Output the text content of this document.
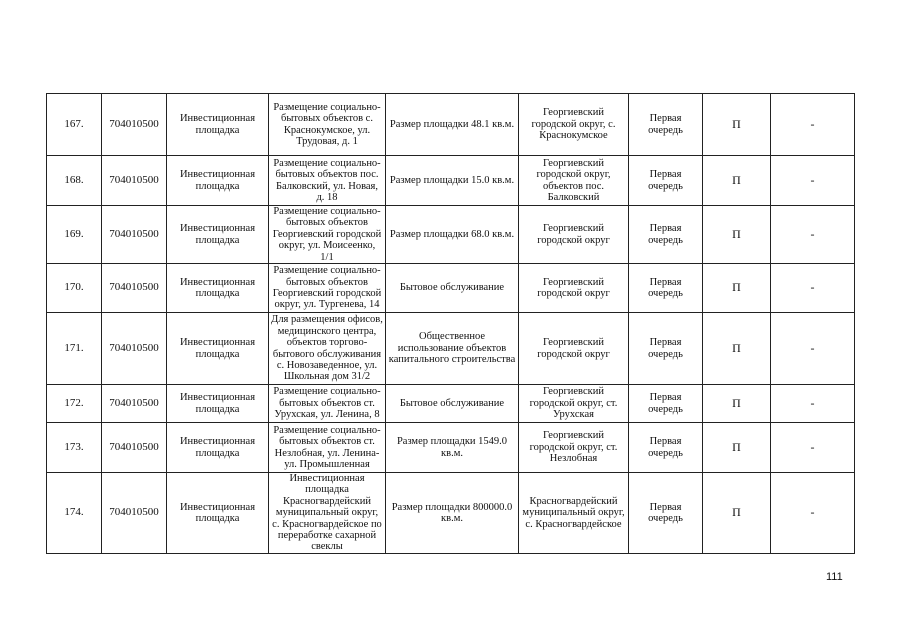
167.	704010500	Инвестиционная площадка	Размещение социально-бытовых объектов с. Краснокумское, ул. Трудовая, д. 1	Размер площадки 48.1 кв.м.	Георгиевский городской округ, с. Краснокумское	Первая очередь	П	-
168.	704010500	Инвестиционная площадка	Размещение социально-бытовых объектов пос. Балковский, ул. Новая, д. 18	Размер площадки 15.0 кв.м.	Георгиевский городской округ, объектов пос. Балковский	Первая очередь	П	-
169.	704010500	Инвестиционная площадка	Размещение социально-бытовых объектов Георгиевский городской округ, ул. Моисеенко, 1/1	Размер площадки 68.0 кв.м.	Георгиевский городской округ	Первая очередь	П	-
170.	704010500	Инвестиционная площадка	Размещение социально-бытовых объектов Георгиевский городской округ, ул. Тургенева, 14	Бытовое обслуживание	Георгиевский городской округ	Первая очередь	П	-
171.	704010500	Инвестиционная площадка	Для размещения офисов, медицинского центра, объектов торгово-бытового обслуживания с. Новозаведенное, ул. Школьная дом 31/2	Общественное использование объектов капитального строительства	Георгиевский городской округ	Первая очередь	П	-
172.	704010500	Инвестиционная площадка	Размещение социально-бытовых объектов ст. Урухская, ул. Ленина, 8	Бытовое обслуживание	Георгиевский городской округ, ст. Урухская	Первая очередь	П	-
173.	704010500	Инвестиционная площадка	Размещение социально-бытовых объектов ст. Незлобная, ул. Ленина-ул. Промышленная	Размер площадки 1549.0 кв.м.	Георгиевский городской округ, ст. Незлобная	Первая очередь	П	-
174.	704010500	Инвестиционная площадка	Инвестиционная площадка Красногвардейский муниципальный округ, с. Красногвардейское по переработке сахарной свеклы	Размер площадки 800000.0 кв.м.	Красногвардейский муниципальный округ, с. Красногвардейское	Первая очередь	П	-
111
